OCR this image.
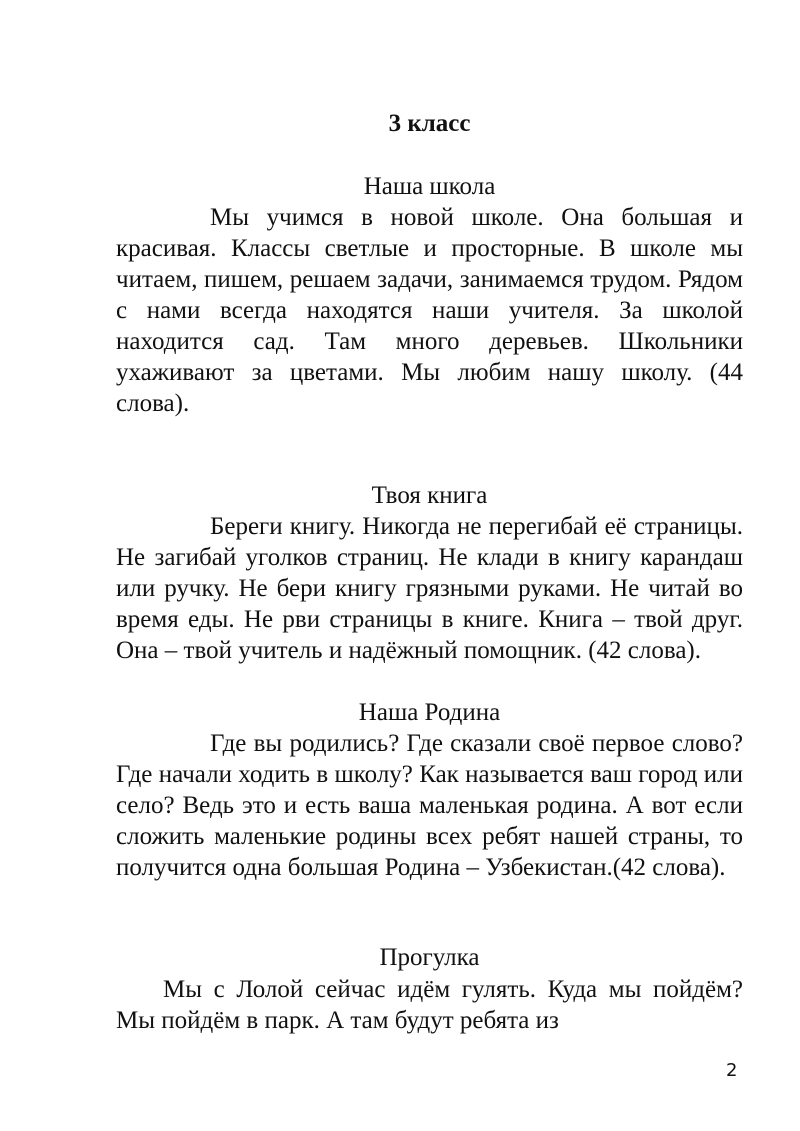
3 класс
Наша школа

Мы учимся в новой школе. Она большая и красивая. Классы светлые и просторные. В школе мы читаем, пишем, решаем задачи, занимаемся трудом. Рядом с нами всегда находятся наши учителя. За школой находится сад. Там много деревьев. Школьники ухаживают за цветами. Мы любим нашу школу. (44 слова).

Твоя книга

Береги книгу. Никогда не перегибай её страницы. Не загибай уголков страниц. Не клади в книгу карандаш или ручку. Не бери книгу грязными руками. Не читай во время еды. Не рви страницы в книге. Книга – твой друг. Она – твой учитель и надёжный помощник. (42 слова).

Наша Родина

Где вы родились? Где сказали своё первое слово? Где начали ходить в школу? Как называется ваш город или село? Ведь это и есть ваша маленькая родина. А вот если сложить маленькие родины всех ребят нашей страны, то получится одна большая Родина – Узбекистан.(42 слова).

Прогулка

Мы с Лолой сейчас идём гулять. Куда мы пойдём? Мы пойдём в парк. А там будут ребята из

2
